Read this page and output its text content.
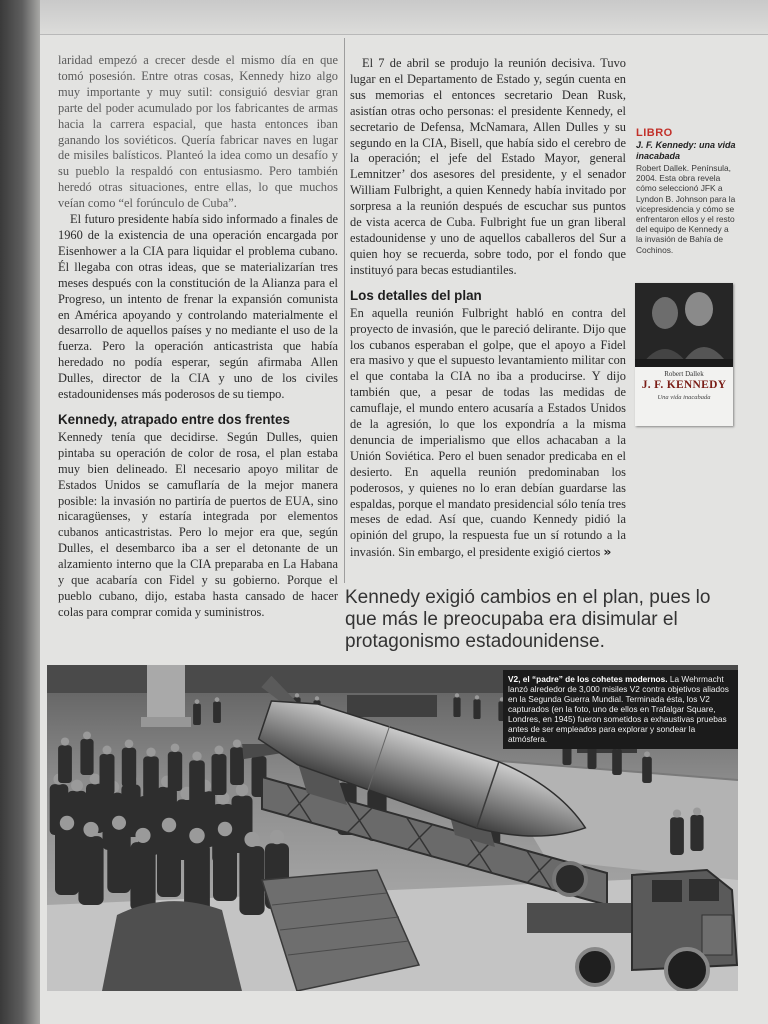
laridad empezó a crecer desde el mismo día en que tomó posesión. Entre otras cosas, Kennedy hizo algo muy importante y muy sutil: consiguió desviar gran parte del poder acumulado por los fabricantes de armas hacia la carrera espacial, que hasta entonces iban ganando los soviéticos. Quería fabricar naves en lugar de misiles balísticos. Planteó la idea como un desafío y su pueblo la respaldó con entusiasmo. Pero también heredó otras situaciones, entre ellas, lo que muchos veían como “el forúnculo de Cuba”.

El futuro presidente había sido informado a finales de 1960 de la existencia de una operación encargada por Eisenhower a la CIA para liquidar el problema cubano. Él llegaba con otras ideas, que se materializarían tres meses después con la constitución de la Alianza para el Progreso, un intento de frenar la expansión comunista en América apoyando y controlando materialmente el desarrollo de aquellos países y no mediante el uso de la fuerza. Pero la operación anticastrista que había heredado no podía esperar, según afirmaba Allen Dulles, director de la CIA y uno de los civiles estadounidenses más poderosos de su tiempo.

Kennedy, atrapado entre dos frentes

Kennedy tenía que decidirse. Según Dulles, quien pintaba su operación de color de rosa, el plan estaba muy bien delineado. El necesario apoyo militar de Estados Unidos se camuflaría de la mejor manera posible: la invasión no partiría de puertos de EUA, sino nicaragüenses, y estaría integrada por elementos cubanos anticastristas. Pero lo mejor era que, según Dulles, el desembarco iba a ser el detonante de un alzamiento interno que la CIA preparaba en La Habana y que acabaría con Fidel y su gobierno. Porque el pueblo cubano, dijo, estaba hasta cansado de hacer colas para comprar comida y suministros.

El 7 de abril se produjo la reunión decisiva. Tuvo lugar en el Departamento de Estado y, según cuenta en sus memorias el entonces secretario Dean Rusk, asistían otras ocho personas: el presidente Kennedy, el secretario de Defensa, McNamara, Allen Dulles y su segundo en la CIA, Bisell, que había sido el cerebro de la operación; el jefe del Estado Mayor, general Lemnitzer’ dos asesores del presidente, y el senador William Fulbright, a quien Kennedy había invitado por sorpresa a la reunión después de escuchar sus puntos de vista acerca de Cuba. Fulbright fue un gran liberal estadounidense y uno de aquellos caballeros del Sur a quien hoy se recuerda, sobre todo, por el fondo que instituyó para becas estudiantiles.

Los detalles del plan

En aquella reunión Fulbright habló en contra del proyecto de invasión, que le pareció delirante. Dijo que los cubanos esperaban el golpe, que el apoyo a Fidel era masivo y que el supuesto levantamiento militar con el que contaba la CIA no iba a producirse. Y dijo también que, a pesar de todas las medidas de camuflaje, el mundo entero acusaría a Estados Unidos de la agresión, lo que los expondría a la misma denuncia de imperialismo que ellos achacaban a la Unión Soviética. Pero el buen senador predicaba en el desierto. En aquella reunión predominaban los poderosos, y quienes no lo eran debían guardarse las espaldas, porque el mandato presidencial sólo tenía tres meses de edad. Así que, cuando Kennedy pidió la opinión del grupo, la respuesta fue un sí rotundo a la invasión. Sin embargo, el presidente exigió ciertos »

LIBRO
J. F. Kennedy: una vida inacabada
Robert Dallek. Península, 2004. Esta obra revela cómo seleccionó JFK a Lyndon B. Johnson para la vicepresidencia y cómo se enfrentaron ellos y el resto del equipo de Kennedy a la invasión de Bahía de Cochinos.
Robert Dallek
J. F. KENNEDY
Una vida inacabada
Kennedy exigió cambios en el plan, pues lo que más le preocupaba era disimular el protagonismo estadounidense.
V2, el “padre” de los cohetes modernos. La Wehrmacht lanzó alrededor de 3,000 misiles V2 contra objetivos aliados en la Segunda Guerra Mundial. Terminada ésta, los V2 capturados (en la foto, uno de ellos en Trafalgar Square, Londres, en 1945) fueron sometidos a exhaustivas pruebas antes de ser empleados para explorar y sondear la atmósfera.
